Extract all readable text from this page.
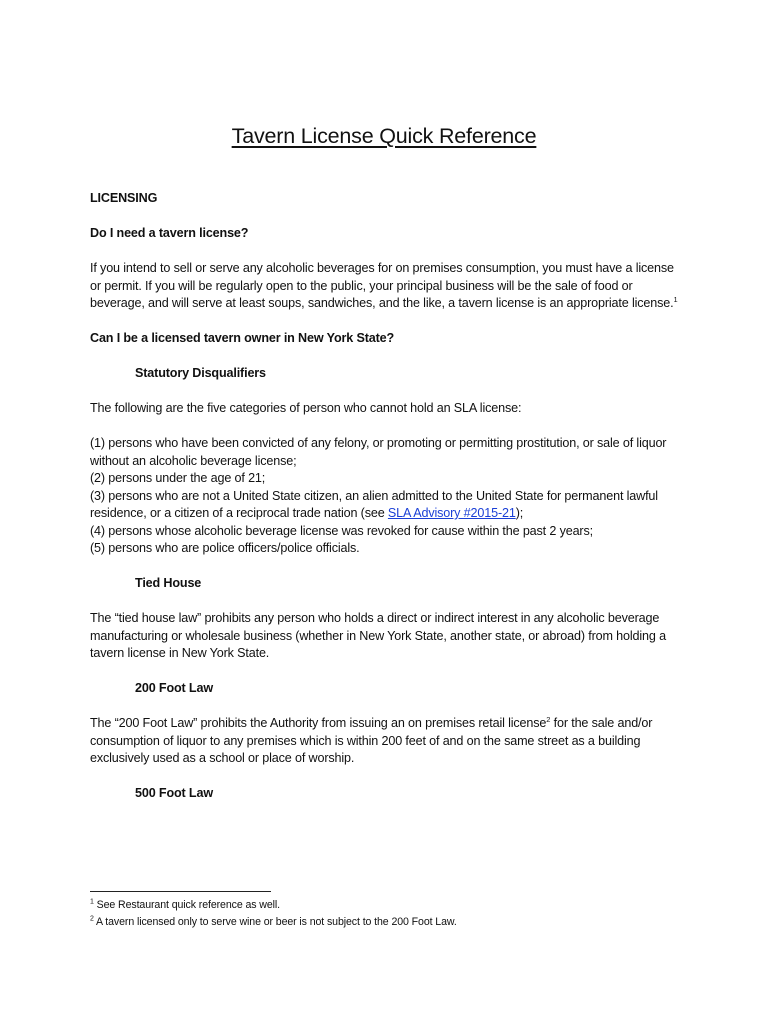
Tavern License Quick Reference

LICENSING

Do I need a tavern license?

If you intend to sell or serve any alcoholic beverages for on premises consumption, you must have a license or permit. If you will be regularly open to the public, your principal business will be the sale of food or beverage, and will serve at least soups, sandwiches, and the like, a tavern license is an appropriate license.$^1$

Can I be a licensed tavern owner in New York State?

Statutory Disqualifiers

The following are the five categories of person who cannot hold an SLA license:

(1) persons who have been convicted of any felony, or promoting or permitting prostitution, or sale of liquor without an alcoholic beverage license;

(2) persons under the age of 21;

(3) persons who are not a United State citizen, an alien admitted to the United State for permanent lawful residence, or a citizen of a reciprocal trade nation (see SLA Advisory #2015-21);

(4) persons whose alcoholic beverage license was revoked for cause within the past 2 years;

(5) persons who are police officers/police officials.

Tied House

The “tied house law” prohibits any person who holds a direct or indirect interest in any alcoholic beverage manufacturing or wholesale business (whether in New York State, another state, or abroad) from holding a tavern license in New York State.

200 Foot Law

The “200 Foot Law” prohibits the Authority from issuing an on premises retail license$^2$ for the sale and/or consumption of liquor to any premises which is within 200 feet of and on the same street as a building exclusively used as a school or place of worship.

500 Foot Law

$^1$ See Restaurant quick reference as well.

$^2$ A tavern licensed only to serve wine or beer is not subject to the 200 Foot Law.
